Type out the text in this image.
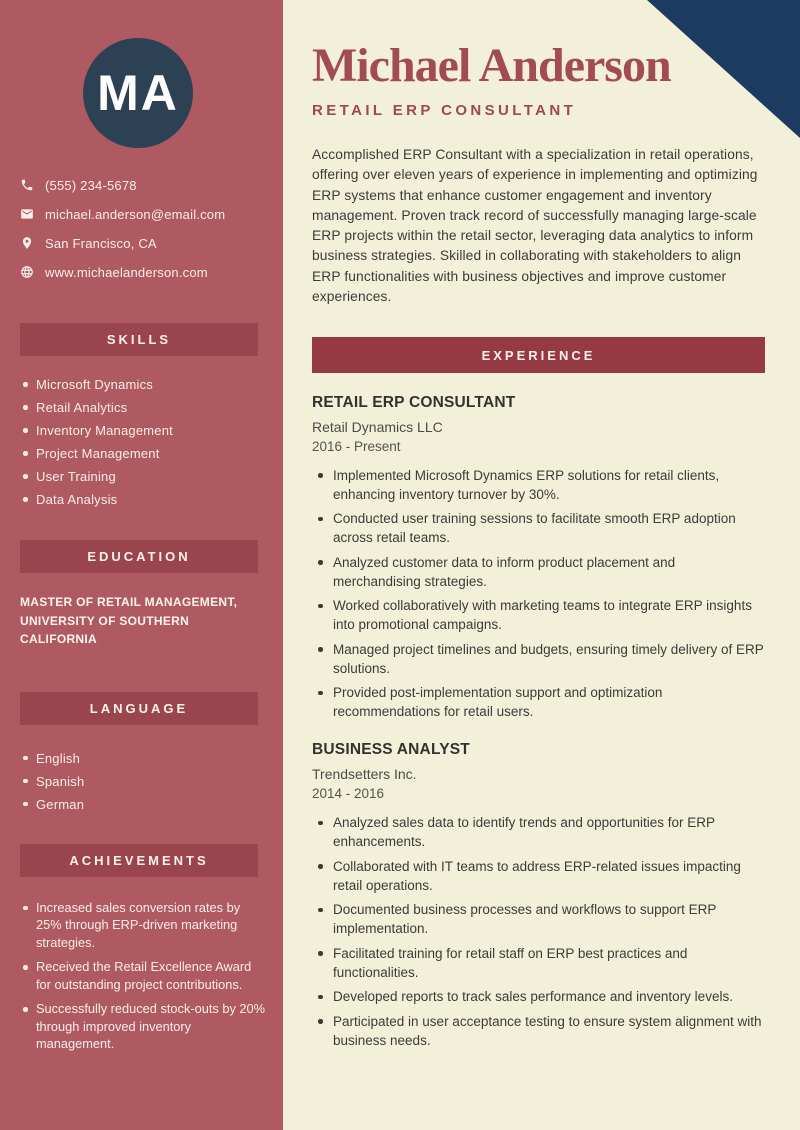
MA
(555) 234-5678
michael.anderson@email.com
San Francisco, CA
www.michaelanderson.com
SKILLS
Microsoft Dynamics
Retail Analytics
Inventory Management
Project Management
User Training
Data Analysis
EDUCATION
MASTER OF RETAIL MANAGEMENT,
UNIVERSITY OF SOUTHERN CALIFORNIA
LANGUAGE
English
Spanish
German
ACHIEVEMENTS
Increased sales conversion rates by 25% through ERP-driven marketing strategies.
Received the Retail Excellence Award for outstanding project contributions.
Successfully reduced stock-outs by 20% through improved inventory management.
Michael Anderson
RETAIL ERP CONSULTANT

Accomplished ERP Consultant with a specialization in retail operations, offering over eleven years of experience in implementing and optimizing ERP systems that enhance customer engagement and inventory management. Proven track record of successfully managing large-scale ERP projects within the retail sector, leveraging data analytics to inform business strategies. Skilled in collaborating with stakeholders to align ERP functionalities with business objectives and improve customer experiences.

EXPERIENCE
RETAIL ERP CONSULTANT
Retail Dynamics LLC
2016 - Present
Implemented Microsoft Dynamics ERP solutions for retail clients, enhancing inventory turnover by 30%.
Conducted user training sessions to facilitate smooth ERP adoption across retail teams.
Analyzed customer data to inform product placement and merchandising strategies.
Worked collaboratively with marketing teams to integrate ERP insights into promotional campaigns.
Managed project timelines and budgets, ensuring timely delivery of ERP solutions.
Provided post-implementation support and optimization recommendations for retail users.
BUSINESS ANALYST
Trendsetters Inc.
2014 - 2016
Analyzed sales data to identify trends and opportunities for ERP enhancements.
Collaborated with IT teams to address ERP-related issues impacting retail operations.
Documented business processes and workflows to support ERP implementation.
Facilitated training for retail staff on ERP best practices and functionalities.
Developed reports to track sales performance and inventory levels.
Participated in user acceptance testing to ensure system alignment with business needs.
